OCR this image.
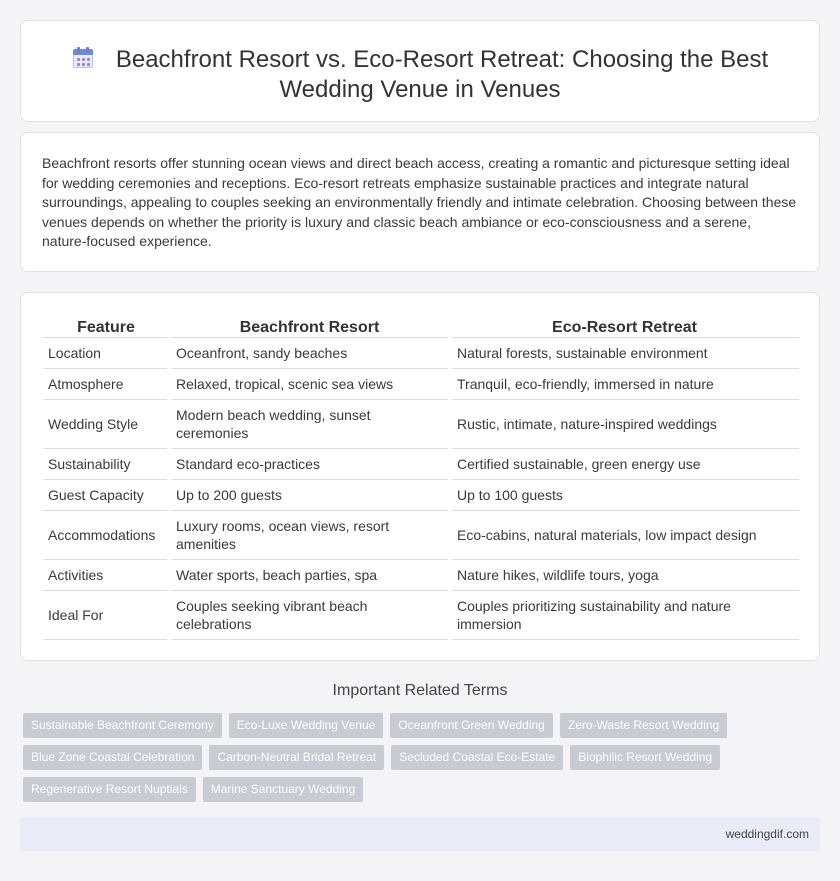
Beachfront Resort vs. Eco-Resort Retreat: Choosing the Best Wedding Venue in Venues

Beachfront resorts offer stunning ocean views and direct beach access, creating a romantic and picturesque setting ideal for wedding ceremonies and receptions. Eco-resort retreats emphasize sustainable practices and integrate natural surroundings, appealing to couples seeking an environmentally friendly and intimate celebration. Choosing between these venues depends on whether the priority is luxury and classic beach ambiance or eco-consciousness and a serene, nature-focused experience.

Feature	Beachfront Resort	Eco-Resort Retreat
Location	Oceanfront, sandy beaches	Natural forests, sustainable environment
Atmosphere	Relaxed, tropical, scenic sea views	Tranquil, eco-friendly, immersed in nature
Wedding Style	Modern beach wedding, sunset ceremonies	Rustic, intimate, nature-inspired weddings
Sustainability	Standard eco-practices	Certified sustainable, green energy use
Guest Capacity	Up to 200 guests	Up to 100 guests
Accommodations	Luxury rooms, ocean views, resort amenities	Eco-cabins, natural materials, low impact design
Activities	Water sports, beach parties, spa	Nature hikes, wildlife tours, yoga
Ideal For	Couples seeking vibrant beach celebrations	Couples prioritizing sustainability and nature immersion
Important Related Terms
Sustainable Beachfront Ceremony	Eco-Luxe Wedding Venue	Oceanfront Green Wedding	Zero-Waste Resort Wedding
Blue Zone Coastal Celebration	Carbon-Neutral Bridal Retreat	Secluded Coastal Eco-Estate	Biophilic Resort Wedding
Regenerative Resort Nuptials	Marine Sanctuary Wedding
weddingdif.com
